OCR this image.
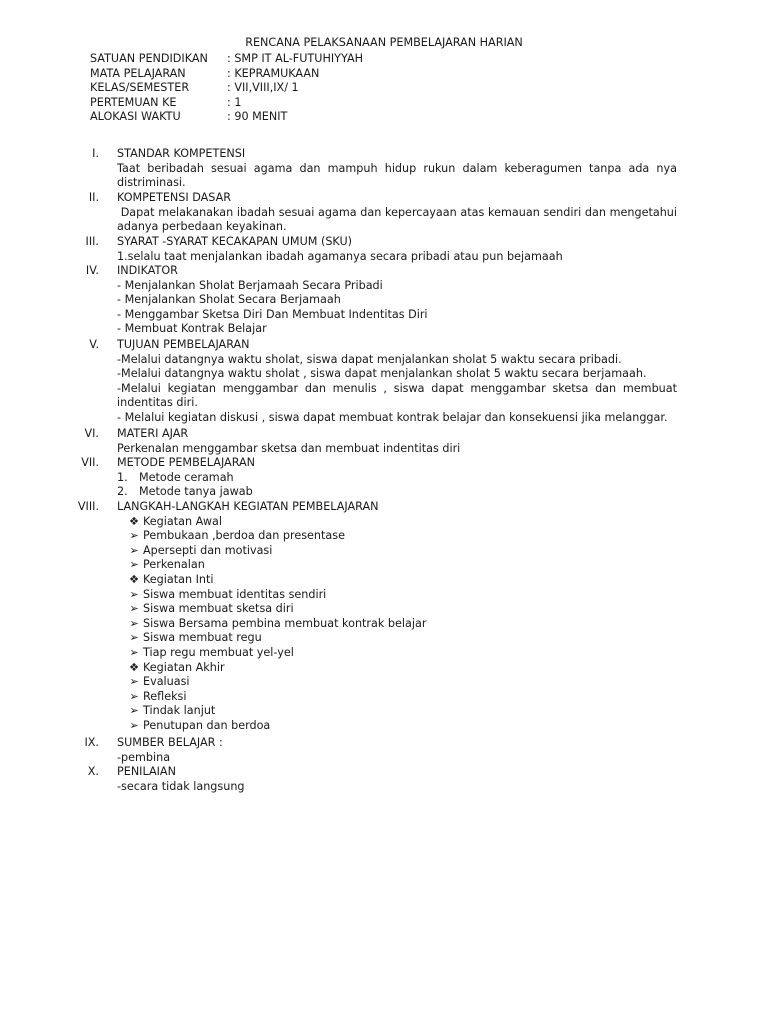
RENCANA PELAKSANAAN PEMBELAJARAN HARIAN
SATUAN PENDIDIKAN : SMP IT AL-FUTUHIYYAH
MATA PELAJARAN	: KEPRAMUKAAN
KELAS/SEMESTER	: VII,VIII,IX/ 1
PERTEMUAN KE	: 1
ALOKASI WAKTU	: 90 MENIT
I. STANDAR KOMPETENSI
Taat beribadah sesuai agama dan mampuh hidup rukun dalam keberagumen tanpa ada nya distriminasi.
II. KOMPETENSI DASAR
Dapat melakanakan ibadah sesuai agama dan kepercayaan atas kemauan sendiri dan mengetahui adanya perbedaan keyakinan.
III. SYARAT -SYARAT KECAKAPAN UMUM (SKU)
1.selalu taat menjalankan ibadah agamanya secara pribadi atau pun bejamaah
IV. INDIKATOR
- Menjalankan Sholat Berjamaah Secara Pribadi
- Menjalankan Sholat Secara Berjamaah
- Menggambar Sketsa Diri Dan Membuat Indentitas Diri
- Membuat Kontrak Belajar
V. TUJUAN PEMBELAJARAN
-Melalui datangnya waktu sholat, siswa dapat menjalankan sholat 5 waktu secara pribadi.
-Melalui datangnya waktu sholat , siswa dapat menjalankan sholat 5 waktu secara berjamaah.
-Melalui kegiatan menggambar dan menulis , siswa dapat menggambar sketsa dan membuat indentitas diri.
- Melalui kegiatan diskusi , siswa dapat membuat kontrak belajar dan konsekuensi jika melanggar.
VI. MATERI AJAR
Perkenalan menggambar sketsa dan membuat indentitas diri
VII. METODE PEMBELAJARAN
1. Metode ceramah
2. Metode tanya jawab
VIII. LANGKAH-LANGKAH KEGIATAN PEMBELAJARAN
❖ Kegiatan Awal
➢ Pembukaan ,berdoa dan presentase
➢ Apersepti dan motivasi
➢ Perkenalan
❖ Kegiatan Inti
➢ Siswa membuat identitas sendiri
➢ Siswa membuat sketsa diri
➢ Siswa Bersama pembina membuat kontrak belajar
➢ Siswa membuat regu
➢ Tiap regu membuat yel-yel
❖ Kegiatan Akhir
➢ Evaluasi
➢ Refleksi
➢ Tindak lanjut
➢ Penutupan dan berdoa
IX. SUMBER BELAJAR :
-pembina
X. PENILAIAN
-secara tidak langsung
